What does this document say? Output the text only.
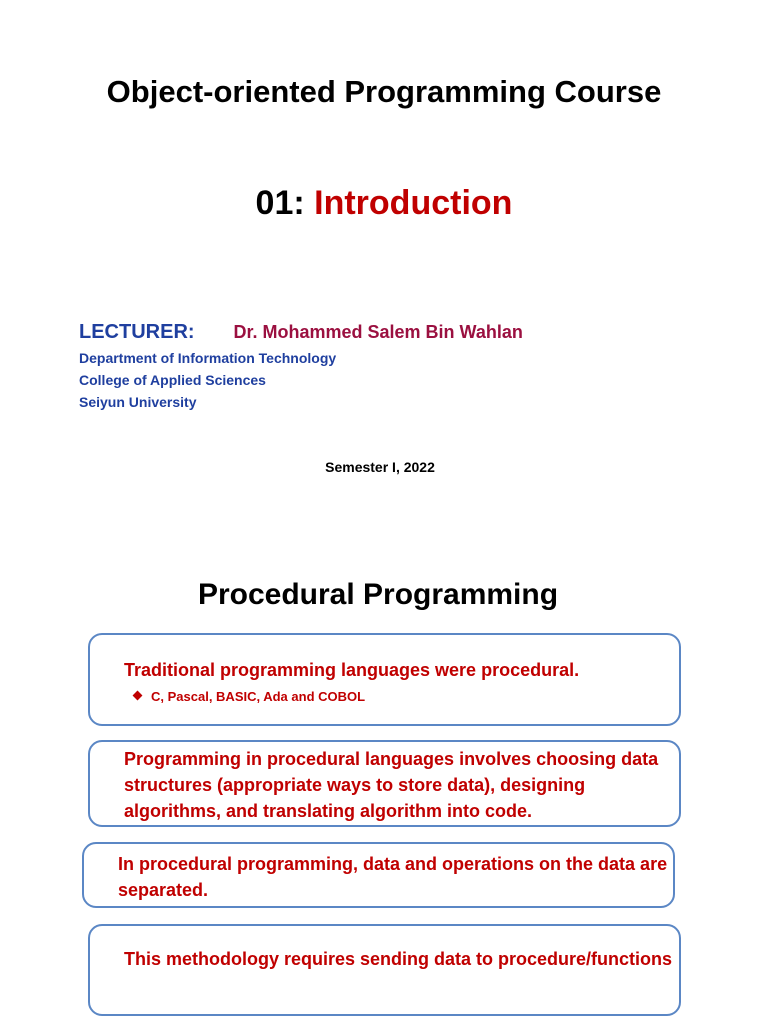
Object-oriented Programming Course
01: Introduction
LECTURER: Dr. Mohammed Salem Bin Wahlan
Department of Information Technology
College of Applied Sciences
Seiyun University
Semester I, 2022
Procedural Programming
Traditional programming languages were procedural.
C, Pascal, BASIC, Ada and COBOL
Programming in procedural languages involves choosing data structures (appropriate ways to store data), designing algorithms, and translating algorithm into code.
In procedural programming, data and operations on the data are separated.
This methodology requires sending data to procedure/functions
